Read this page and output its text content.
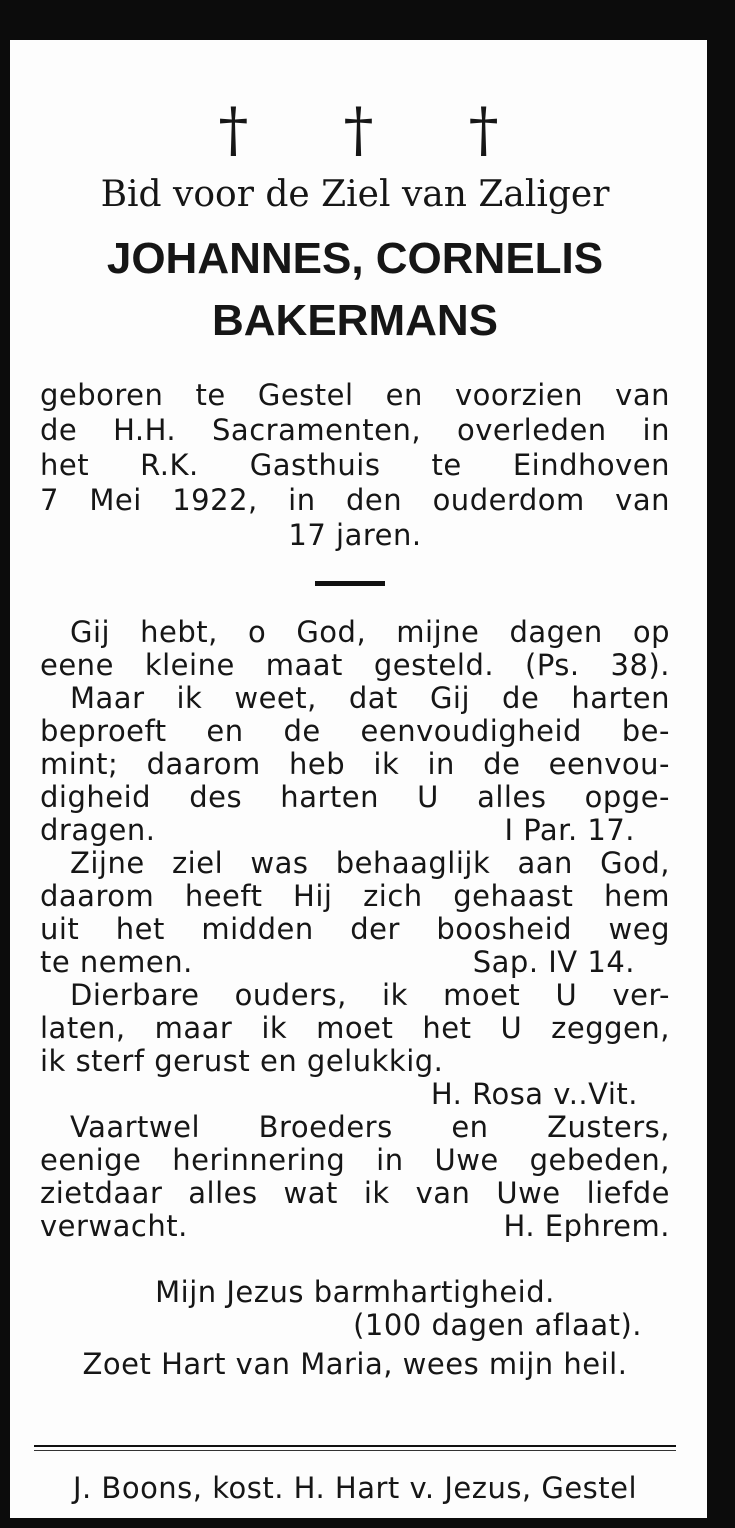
† † †
Bid voor de Ziel van Zaliger
JOHANNES, CORNELIS
BAKERMANS
geboren te Gestel en voorzien van
de H.H. Sacramenten, overleden in
het R.K. Gasthuis te Eindhoven
7 Mei 1922, in den ouderdom van
17 jaren.
Gij hebt, o God, mijne dagen op
eene kleine maat gesteld. (Ps. 38).
Maar ik weet, dat Gij de harten
beproeft en de eenvoudigheid be-
mint; daarom heb ik in de eenvou-
digheid des harten U alles opge-
dragen.	I Par. 17.
Zijne ziel was behaaglijk aan God,
daarom heeft Hij zich gehaast hem
uit het midden der boosheid weg
te nemen.	Sap. IV 14.
Dierbare ouders, ik moet U ver-
laten, maar ik moet het U zeggen,
ik sterf gerust en gelukkig.
H. Rosa v..Vit.
Vaartwel Broeders en Zusters,
eenige herinnering in Uwe gebeden,
zietdaar alles wat ik van Uwe liefde
verwacht.	H. Ephrem.
Mijn Jezus barmhartigheid.
(100 dagen aflaat).
Zoet Hart van Maria, wees mijn heil.
J. Boons, kost. H. Hart v. Jezus, Gestel
